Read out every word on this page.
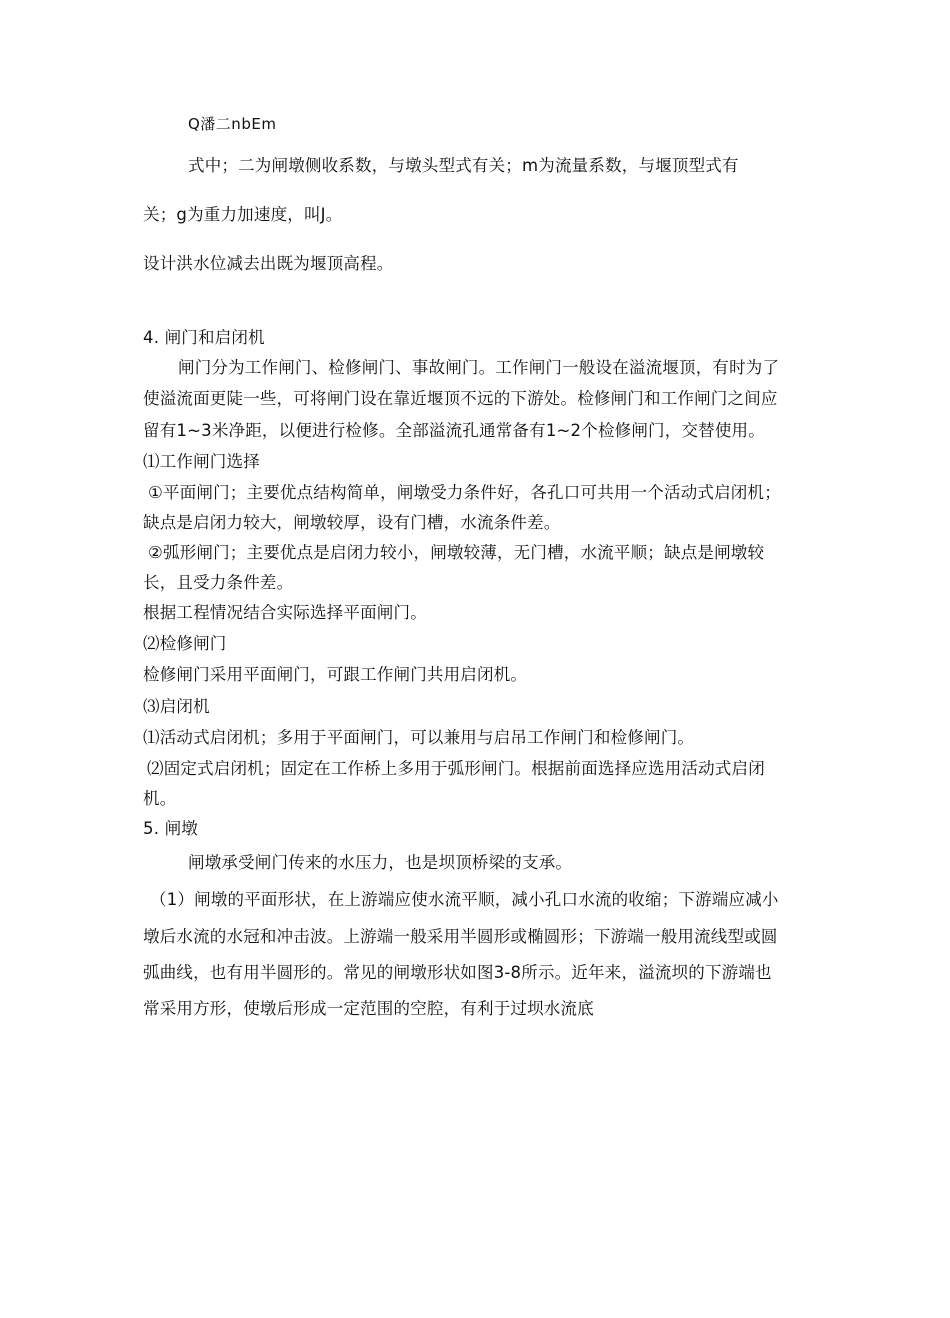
Q潘二nbEm
式中；二为闸墩侧收系数，与墩头型式有关；m为流量系数，与堰顶型式有
关；g为重力加速度，叫J。
设计洪水位减去出既为堰顶高程。
4. 闸门和启闭机
闸门分为工作闸门、检修闸门、事故闸门。工作闸门一般设在溢流堰顶，有时为了
使溢流面更陡一些，可将闸门设在靠近堰顶不远的下游处。检修闸门和工作闸门之间应
留有1~3米净距，以便进行检修。全部溢流孔通常备有1~2个检修闸门，交替使用。
⑴工作闸门选择
①平面闸门；主要优点结构简单，闸墩受力条件好，各孔口可共用一个活动式启闭机；
缺点是启闭力较大，闸墩较厚，设有门槽，水流条件差。
②弧形闸门；主要优点是启闭力较小，闸墩较薄，无门槽，水流平顺；缺点是闸墩较
长，且受力条件差。
根据工程情况结合实际选择平面闸门。
⑵检修闸门
检修闸门采用平面闸门，可跟工作闸门共用启闭机。
⑶启闭机
⑴活动式启闭机；多用于平面闸门，可以兼用与启吊工作闸门和检修闸门。
⑵固定式启闭机；固定在工作桥上多用于弧形闸门。根据前面选择应选用活动式启闭
机。
5. 闸墩
闸墩承受闸门传来的水压力，也是坝顶桥梁的支承。
（1）闸墩的平面形状，在上游端应使水流平顺，减小孔口水流的收缩；下游端应减小
墩后水流的水冠和冲击波。上游端一般采用半圆形或椭圆形；下游端一般用流线型或圆
弧曲线，也有用半圆形的。常见的闸墩形状如图3-8所示。近年来，溢流坝的下游端也
常采用方形，使墩后形成一定范围的空腔，有利于过坝水流底
